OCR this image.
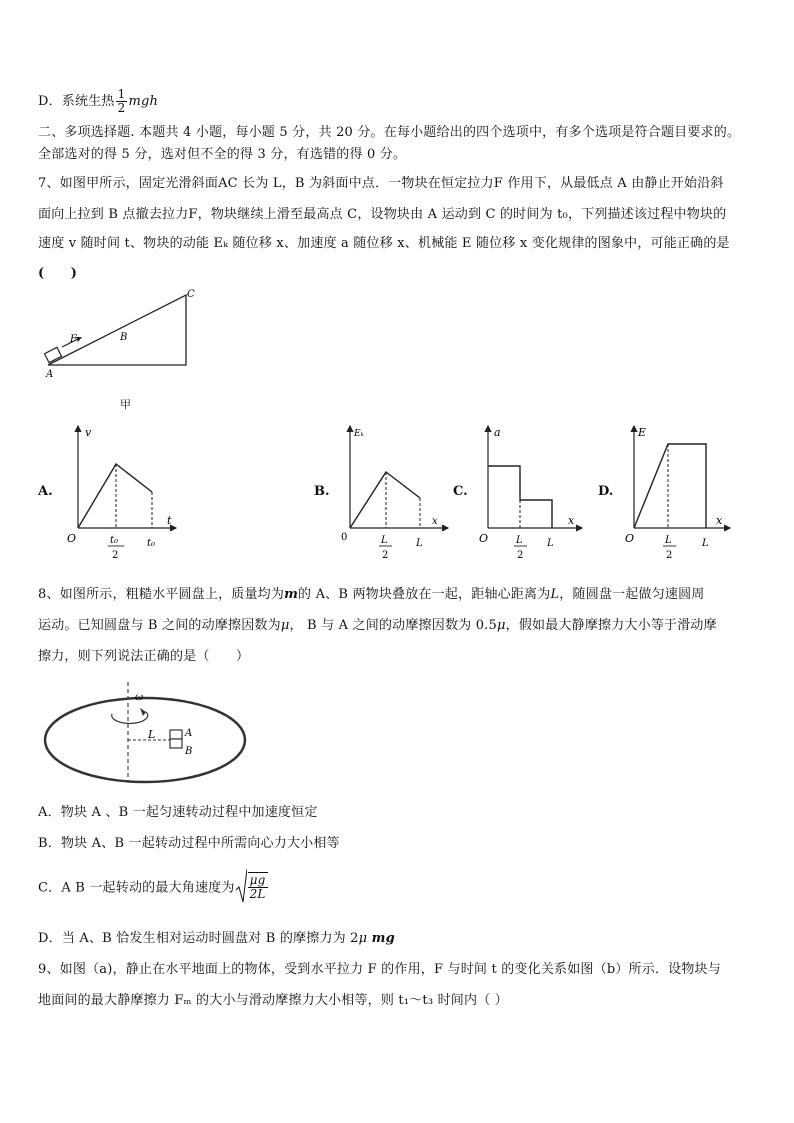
D．系统生热 $\frac{1}{2}$ mgh
二、多项选择题. 本题共 4 小题，每小题 5 分，共 20 分。在每小题给出的四个选项中，有多个选项是符合题目要求的。
全部选对的得 5 分，选对但不全的得 3 分，有选错的得 0 分。
7、如图甲所示，固定光滑斜面AC 长为 L，B 为斜面中点．一物块在恒定拉力F 作用下，从最低点 A 由静止开始沿斜
面向上拉到 B 点撤去拉力F，物块继续上滑至最高点 C，设物块由 A 运动到 C 的时间为 t₀，下列描述该过程中物块的
速度 v 随时间 t、物块的动能 Eₖ 随位移 x、加速度 a 随位移 x、机械能 E 随位移 x 变化规律的图象中，可能正确的是
(　　)
F	B
C
A
甲
A.
v
t
O	t₀
2
t₀
B.
Eₖ
x
0	L
2
L
C.
a
x
O	L
2
L
D.
E
x
O	L
2
L
8、如图所示，粗糙水平圆盘上，质量均为m的 A、B 两物块叠放在一起，距轴心距离为L，随圆盘一起做匀速圆周
运动。已知圆盘与 B 之间的动摩擦因数为μ， B 与 A 之间的动摩擦因数为 0.5μ，假如最大静摩擦力大小等于滑动摩
擦力，则下列说法正确的是（　　）
ω
L	A
B
A．物块 A 、B 一起匀速转动过程中加速度恒定
B．物块 A、B 一起转动过程中所需向心力大小相等
C．A B 一起转动的最大角速度为 $\frac{\mu g}{2L}$
D．当 A、B 恰发生相对运动时圆盘对 B 的摩擦力为 2μ mg
9、如图（a)，静止在水平地面上的物体，受到水平拉力 F 的作用，F 与时间 t 的变化关系如图（b）所示．设物块与
地面间的最大静摩擦力 Fₘ 的大小与滑动摩擦力大小相等，则 t₁～t₃ 时间内（ ）
